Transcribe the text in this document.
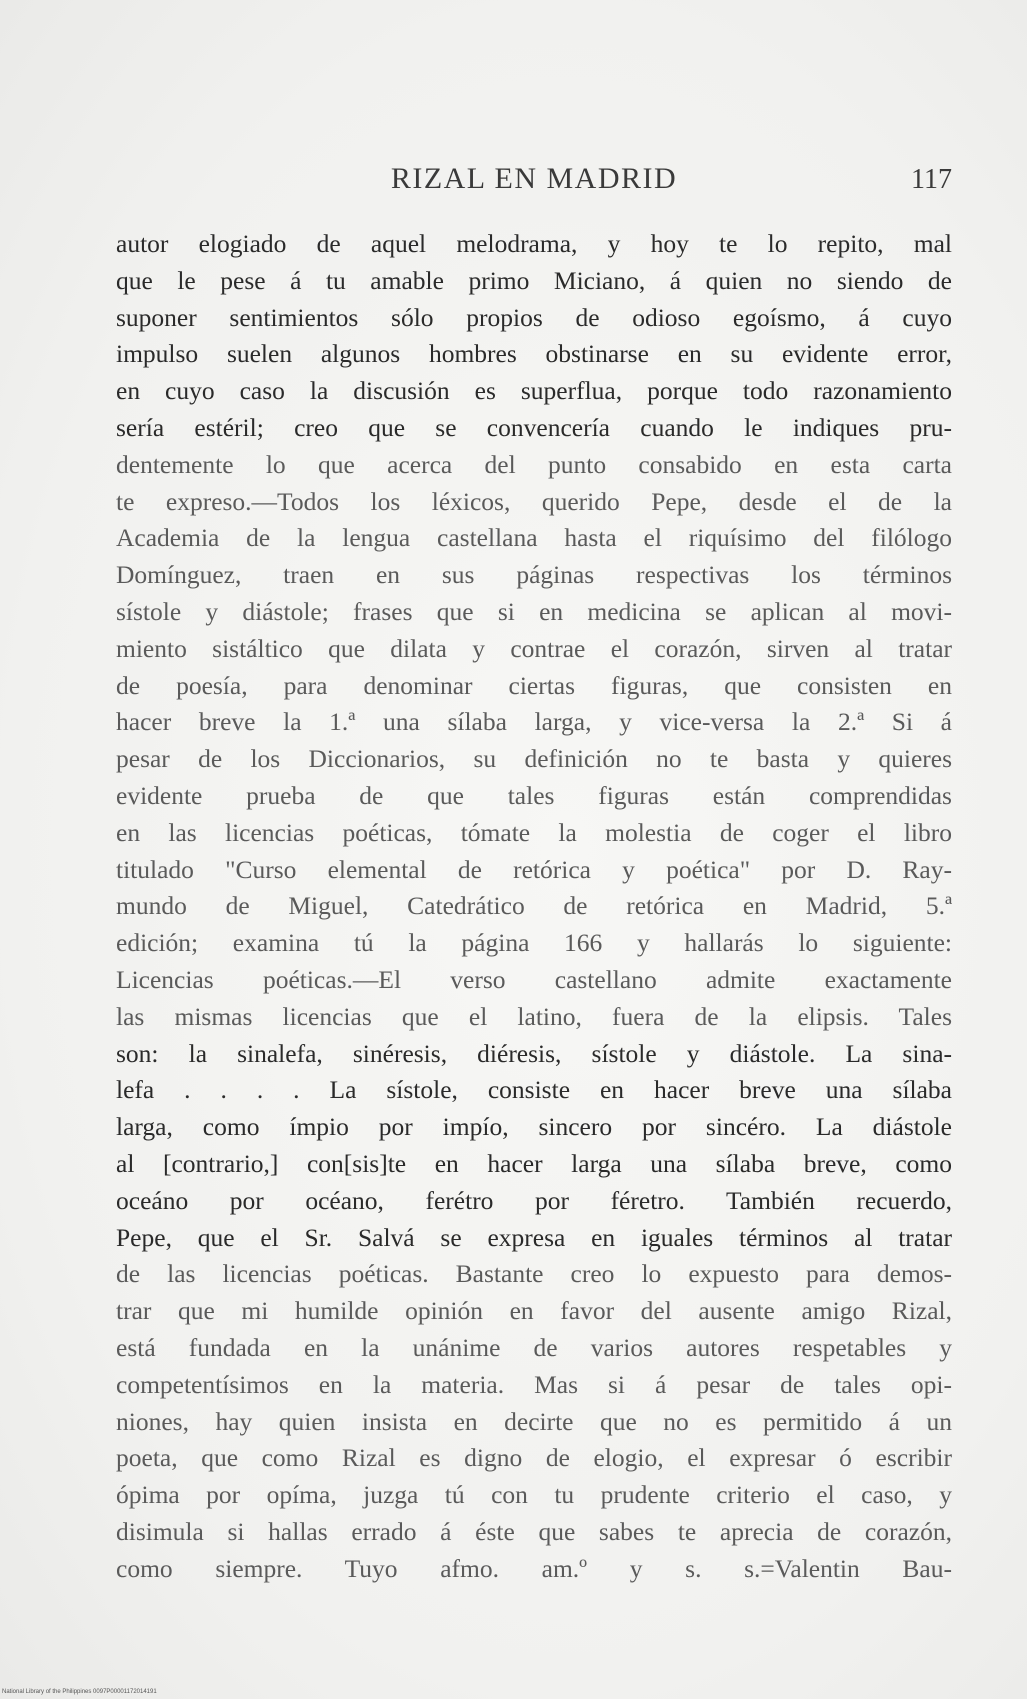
RIZAL EN MADRID	117
autor elogiado de aquel melodrama, y hoy te lo repito, mal
que le pese á tu amable primo Miciano, á quien no siendo de
suponer sentimientos sólo propios de odioso egoísmo, á cuyo
impulso suelen algunos hombres obstinarse en su evidente error,
en cuyo caso la discusión es superflua, porque todo razonamiento
sería estéril; creo que se convencería cuando le indiques pru-
dentemente lo que acerca del punto consabido en esta carta
te expreso.—Todos los léxicos, querido Pepe, desde el de la
Academia de la lengua castellana hasta el riquísimo del filólogo
Domínguez, traen en sus páginas respectivas los términos
sístole y diástole; frases que si en medicina se aplican al movi-
miento sistáltico que dilata y contrae el corazón, sirven al tratar
de poesía, para denominar ciertas figuras, que consisten en
hacer breve la 1.ª una sílaba larga, y vice-versa la 2.ª Si á
pesar de los Diccionarios, su definición no te basta y quieres
evidente prueba de que tales figuras están comprendidas
en las licencias poéticas, tómate la molestia de coger el libro
titulado "Curso elemental de retórica y poética" por D. Ray-
mundo de Miguel, Catedrático de retórica en Madrid, 5.ª
edición; examina tú la página 166 y hallarás lo siguiente:
Licencias poéticas.—El verso castellano admite exactamente
las mismas licencias que el latino, fuera de la elipsis. Tales
son: la sinalefa, sinéresis, diéresis, sístole y diástole. La sina-
lefa . . . . La sístole, consiste en hacer breve una sílaba
larga, como ímpio por impío, sincero por sincéro. La diástole
al [contrario,] con[sis]te en hacer larga una sílaba breve, como
oceáno por océano, ferétro por féretro. También recuerdo,
Pepe, que el Sr. Salvá se expresa en iguales términos al tratar
de las licencias poéticas. Bastante creo lo expuesto para demos-
trar que mi humilde opinión en favor del ausente amigo Rizal,
está fundada en la unánime de varios autores respetables y
competentísimos en la materia. Mas si á pesar de tales opi-
niones, hay quien insista en decirte que no es permitido á un
poeta, que como Rizal es digno de elogio, el expresar ó escribir
ópima por opíma, juzga tú con tu prudente criterio el caso, y
disimula si hallas errado á éste que sabes te aprecia de corazón,
como siempre. Tuyo afmo. am.º y s. s.=Valentin Bau-
National Library of the Philippines 0097P00001172014191
